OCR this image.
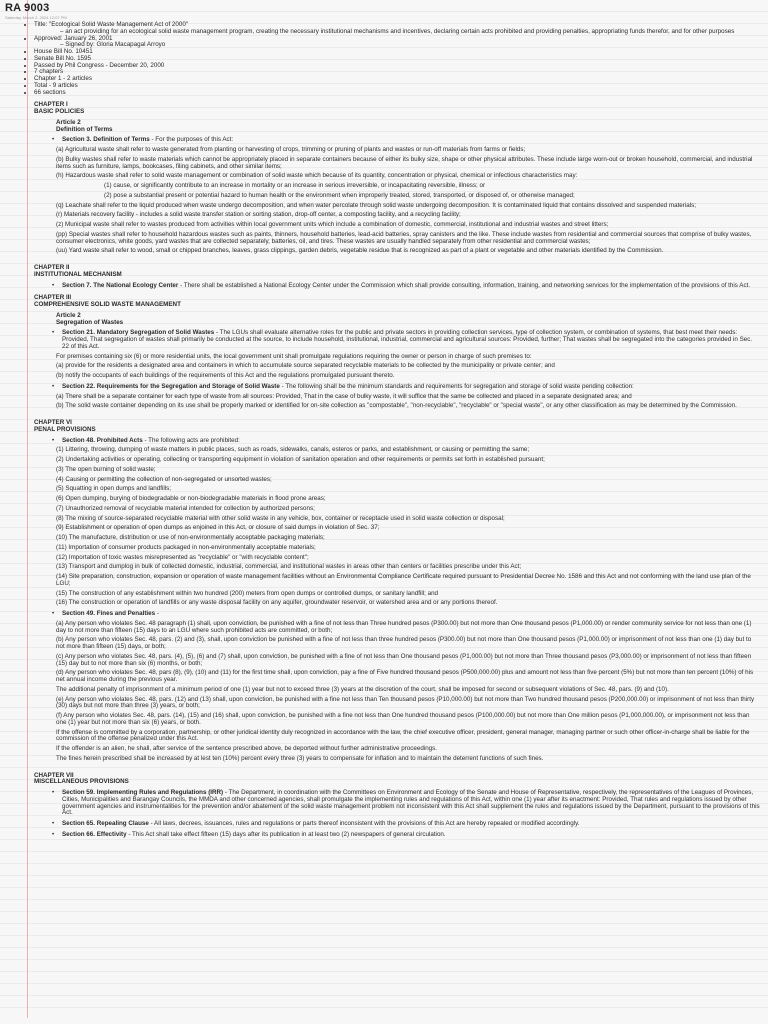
RA 9003
Saturday, March 2, 2024 12:07 PM
• Title: "Ecological Solid Waste Management Act of 2000"
– an act providing for an ecological solid waste management program, creating the necessary institutional mechanisms and incentives, declaring certain acts prohibited and providing penalties, appropriating funds therefor, and for other purposes
• Approved: January 26, 2001
– Signed by: Gloria Macapagal Arroyo
• House Bill No. 10451
• Senate Bill No. 1595
• Passed by Phil Congress - December 20, 2000
• 7 chapters
• Chapter 1 - 2 articles
• Total - 9 articles
• 66 sections
CHAPTER I
BASIC POLICIES
Article 2
Definition of Terms
• Section 3. Definition of Terms - For the purposes of this Act:
(a) Agricultural waste shall refer to waste generated from planting or harvesting of crops, trimming or pruning of plants and wastes or run-off materials from farms or fields;
(b) Bulky wastes shall refer to waste materials which cannot be appropriately placed in separate containers because of either its bulky size, shape or other physical attributes. These include large worn-out or broken household, commercial, and industrial items such as furniture, lamps, bookcases, filing cabinets, and other similar items;
(h) Hazardous waste shall refer to solid waste management or combination of solid waste which because of its quantity, concentration or physical, chemical or infectious characteristics may:
(1) cause, or significantly contribute to an increase in mortality or an increase in serious irreversible, or incapacitating reversible, illness; or
(2) pose a substantial present or potential hazard to human health or the environment when improperly treated, stored, transported, or disposed of, or otherwise managed;
(q) Leachate shall refer to the liquid produced when waste undergo decomposition, and when water percolate through solid waste undergoing decomposition. It is contaminated liquid that contains dissolved and suspended materials;
(r) Materials recovery facility - includes a solid waste transfer station or sorting station, drop-off center, a composting facility, and a recycling facility;
(z) Municipal waste shall refer to wastes produced from activities within local government units which include a combination of domestic, commercial, institutional and industrial wastes and street litters;
(pp) Special wastes shall refer to household hazardous wastes such as paints, thinners, household batteries, lead-acid batteries, spray canisters and the like. These include wastes from residential and commercial sources that comprise of bulky wastes, consumer electronics, white goods, yard wastes that are collected separately, batteries, oil, and tires. These wastes are usually handled separately from other residential and commercial wastes;
(uu) Yard waste shall refer to wood, small or chipped branches, leaves, grass clippings, garden debris, vegetable residue that is recognized as part of a plant or vegetable and other materials identified by the Commission.
CHAPTER II
INSTITUTIONAL MECHANISM
• Section 7. The National Ecology Center - There shall be established a National Ecology Center under the Commission which shall provide consulting, information, training, and networking services for the implementation of the provisions of this Act.
CHAPTER III
COMPREHENSIVE SOLID WASTE MANAGEMENT
Article 2
Segregation of Wastes
• Section 21. Mandatory Segregation of Solid Wastes - The LGUs shall evaluate alternative roles for the public and private sectors in providing collection services, type of collection system, or combination of systems, that best meet their needs: Provided, That segregation of wastes shall primarily be conducted at the source, to include household, institutional, industrial, commercial and agricultural sources: Provided, further; That wastes shall be segregated into the categories provided in Sec. 22 of this Act.
For premises containing six (6) or more residential units, the local government unit shall promulgate regulations requiring the owner or person in charge of such premises to:
(a) provide for the residents a designated area and containers in which to accumulate source separated recyclable materials to be collected by the municipality or private center; and
(b) notify the occupants of each buildings of the requirements of this Act and the regulations promulgated pursuant thereto.
• Section 22. Requirements for the Segregation and Storage of Solid Waste - The following shall be the minimum standards and requirements for segregation and storage of solid waste pending collection:
(a) There shall be a separate container for each type of waste from all sources: Provided, That in the case of bulky waste, it will suffice that the same be collected and placed in a separate designated area; and
(b) The solid waste container depending on its use shall be properly marked or identified for on-site collection as "compostable", "non-recyclable", "recyclable" or "special waste", or any other classification as may be determined by the Commission.
CHAPTER VI
PENAL PROVISIONS
• Section 48. Prohibited Acts - The following acts are prohibited:
(1) Littering, throwing, dumping of waste matters in public places, such as roads, sidewalks, canals, esteros or parks, and establishment, or causing or permitting the same;
(2) Undertaking activities or operating, collecting or transporting equipment in violation of sanitation operation and other requirements or permits set forth in established pursuant;
(3) The open burning of solid waste;
(4) Causing or permitting the collection of non-segregated or unsorted wastes;
(5) Squatting in open dumps and landfills;
(6) Open dumping, burying of biodegradable or non-biodegradable materials in flood prone areas;
(7) Unauthorized removal of recyclable material intended for collection by authorized persons;
(8) The mixing of source-separated recyclable material with other solid waste in any vehicle, box, container or receptacle used in solid waste collection or disposal;
(9) Establishment or operation of open dumps as enjoined in this Act, or closure of said dumps in violation of Sec. 37;
(10) The manufacture, distribution or use of non-environmentally acceptable packaging materials;
(11) Importation of consumer products packaged in non-environmentally acceptable materials;
(12) Importation of toxic wastes misrepresented as "recyclable" or "with recyclable content";
(13) Transport and dumplog in bulk of collected domestic, industrial, commercial, and institutional wastes in areas other than centers or facilities prescribe under this Act;
(14) Site preparation, construction, expansion or operation of waste management facilities without an Environmental Compliance Certificate required pursuant to Presidential Decree No. 1586 and this Act and not conforming with the land use plan of the LGU;
(15) The construction of any establishment within two hundred (200) meters from open dumps or controlled dumps, or sanitary landfill; and
(16) The construction or operation of landfills or any waste disposal facility on any aquifer, groundwater reservoir, or watershed area and or any portions thereof.
• Section 49. Fines and Penalties -
(a) Any person who violates Sec. 48 paragraph (1) shall, upon conviction, be punished with a fine of not less than Three hundred pesos (P300.00) but not more than One thousand pesos (P1,000.00) or render community service for not less than one (1) day to not more than fifteen (15) days to an LGU where such prohibited acts are committed, or both;
(b) Any person who violates Sec. 48, pars. (2) and (3), shall, upon conviction be punished with a fine of not less than three hundred pesos (P300.00) but not more than One thousand pesos (P1,000.00) or imprisonment of not less than one (1) day but to not more than fifteen (15) days, or both;
(c) Any person who violates Sec. 48, pars. (4), (5), (6) and (7) shall, upon conviction, be punished with a fine of not less than One thousand pesos (P1,000.00) but not more than Three thousand pesos (P3,000.00) or imprisonment of not less than fifteen (15) day but to not more than six (6) months, or both;
(d) Any person who violates Sec. 48, pars (8), (9), (10) and (11) for the first time shall, upon conviction, pay a fine of Five hundred thousand pesos (P500,000.00) plus and amount not less than five percent (5%) but not more than ten percent (10%) of his net annual income during the previous year.
The additional penalty of imprisonment of a minimum period of one (1) year but not to exceed three (3) years at the discretion of the court, shall be imposed for second or subsequent violations of Sec. 48, pars. (9) and (10).
(e) Any person who violates Sec. 48, pars. (12) and (13) shall, upon conviction, be punished with a fine not less than Ten thousand pesos (P10,000.00) but not more than Two hundred thousand pesos (P200,000.00) or imprisonment of not less than thirty (30) days but not more than three (3) years, or both;
(f) Any person who violates Sec. 48, pars. (14), (15) and (16) shall, upon conviction, be punished with a fine not less than One hundred thousand pesos (P100,000.00) but not more than One million pesos (P1,000,000.00), or imprisonment not less than one (1) year but not more than six (6) years, or both.
If the offense is committed by a corporation, partnership, or other juridical identity duly recognized in accordance with the law, the chief executive officer, president, general manager, managing partner or such other officer-in-charge shall be liable for the commission of the offense penalized under this Act.
If the offender is an alien, he shall, after service of the sentence prescribed above, be deported without further administrative proceedings.
The fines herein prescribed shall be increased by at lest ten (10%) percent every three (3) years to compensate for inflation and to maintain the deterrent functions of such fines.
CHAPTER VII
MISCELLANEOUS PROVISIONS
• Section 59. Implementing Rules and Regulations (IRR) - The Department, in coordination with the Committees on Environment and Ecology of the Senate and House of Representative, respectively, the representatives of the Leagues of Provinces, Cities, Municipalities and Barangay Councils, the MMDA and other concerned agencies, shall promulgate the implementing rules and regulations of this Act, within one (1) year after its enactment: Provided, That rules and regulations issued by other government agencies and instrumentalities for the prevention and/or abatement of the solid waste management problem not inconsistent with this Act shall supplement the rules and regulations issued by the Department, pursuant to the provisions of this Act.
• Section 65. Repealing Clause - All laws, decrees, issuances, rules and regulations or parts thereof inconsistent with the provisions of this Act are hereby repealed or modified accordingly.
• Section 66. Effectivity - This Act shall take effect fifteen (15) days after its publication in at least two (2) newspapers of general circulation.
